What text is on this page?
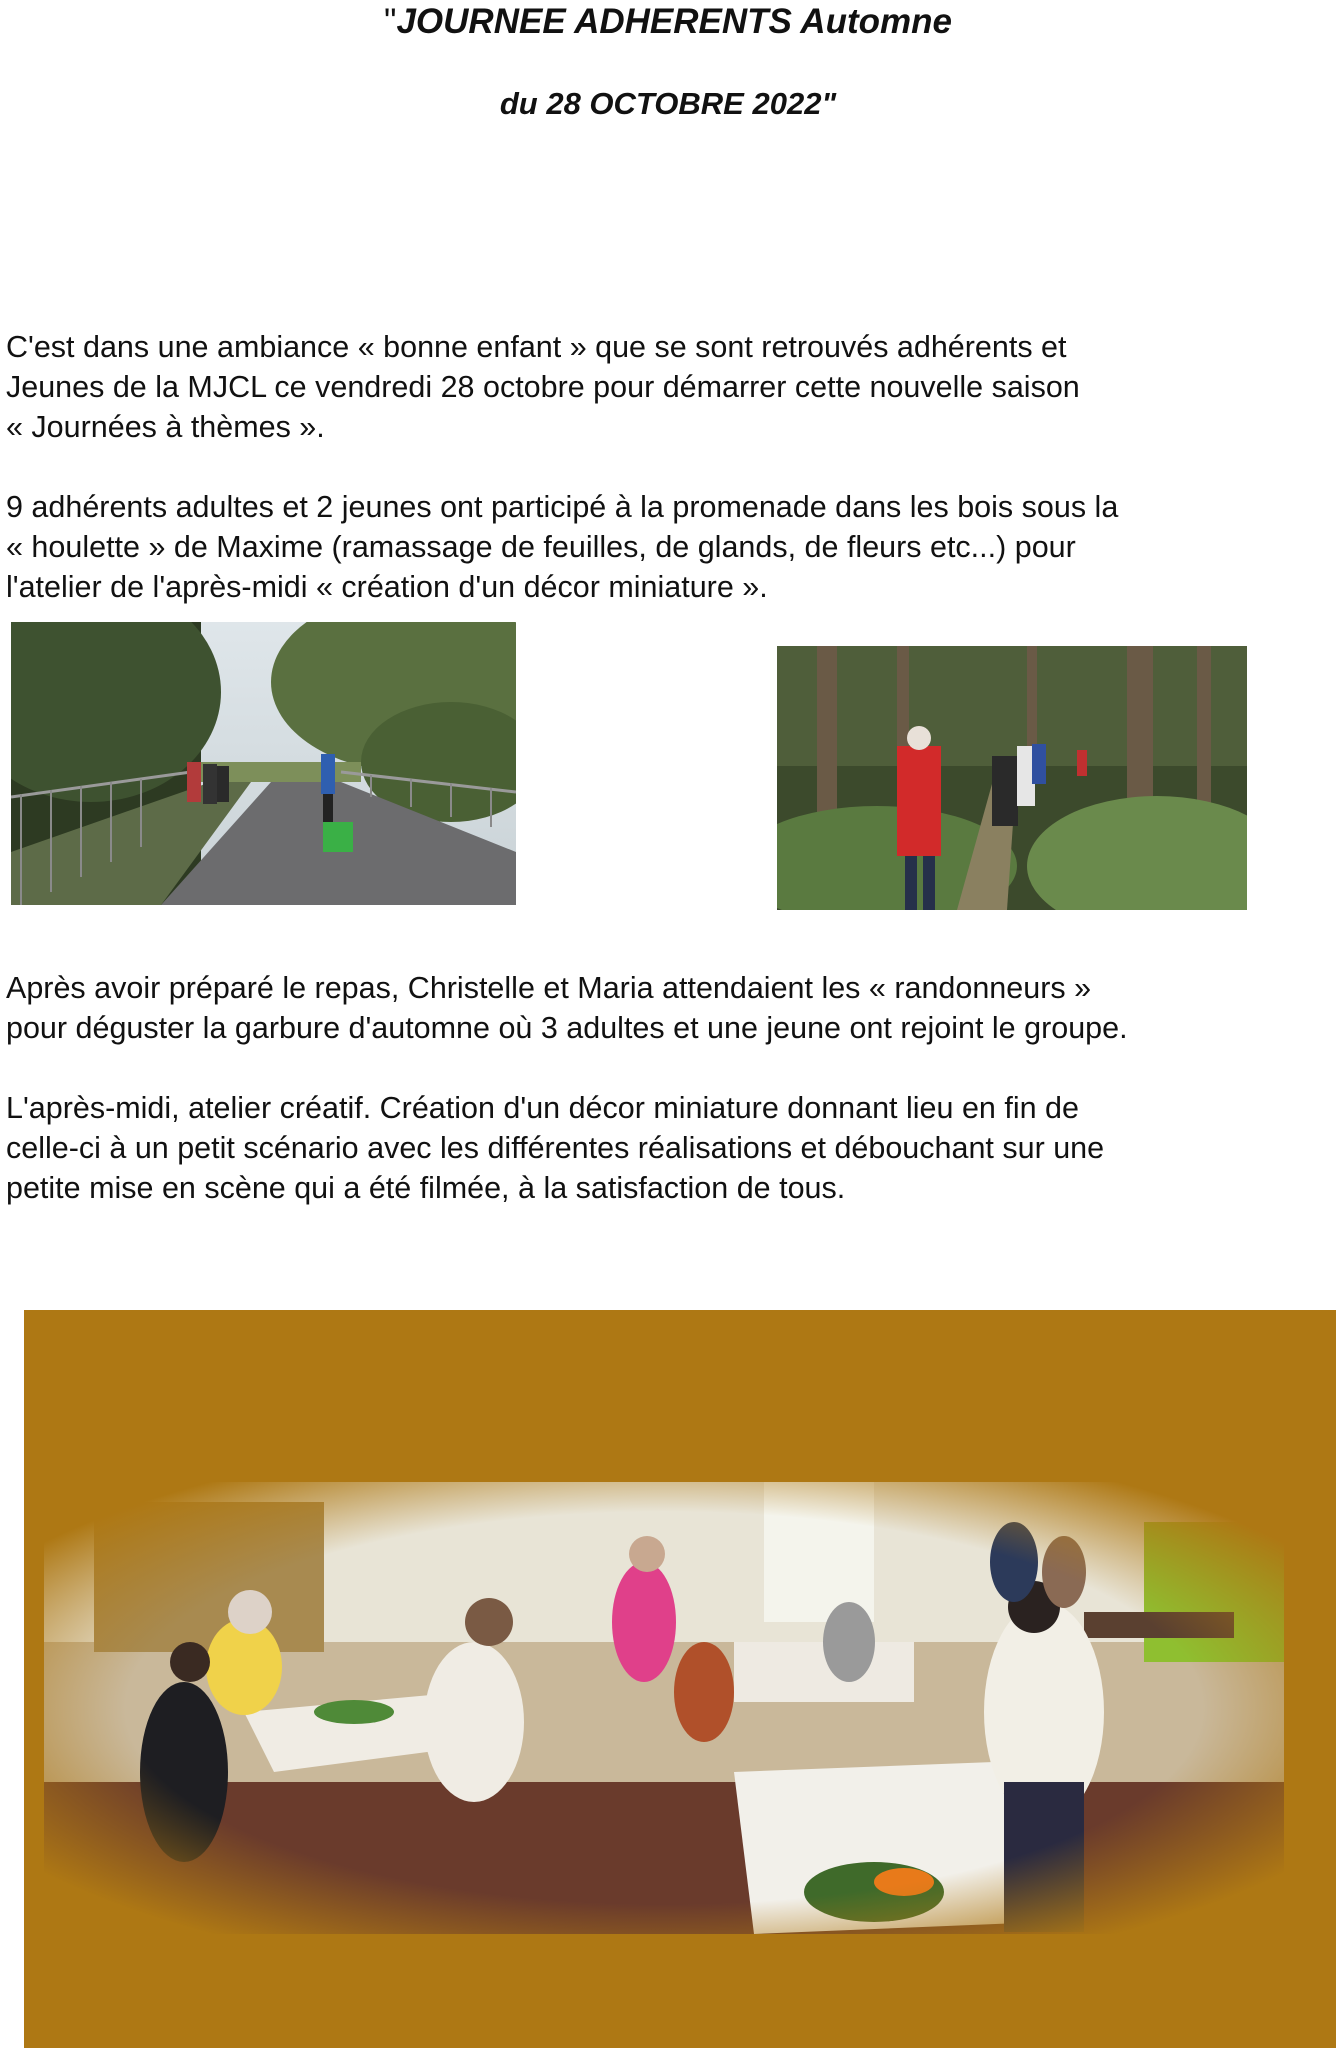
"JOURNEE ADHERENTS Automne
du 28 OCTOBRE 2022"
C'est dans une ambiance « bonne enfant » que se sont retrouvés adhérents et
Jeunes de la MJCL ce vendredi 28 octobre pour démarrer cette nouvelle saison
« Journées à thèmes ».
9 adhérents adultes et 2 jeunes ont participé à la promenade dans les bois sous la
« houlette » de Maxime (ramassage de feuilles, de glands, de fleurs etc...) pour
l'atelier de l'après-midi « création d'un décor miniature ».
Après avoir préparé le repas, Christelle et Maria attendaient les « randonneurs »
pour déguster la garbure d'automne où 3 adultes et une jeune ont rejoint le groupe.
L'après-midi, atelier créatif. Création d'un décor miniature donnant lieu en fin de
celle-ci à un petit scénario avec les différentes réalisations et débouchant sur une
petite mise en scène qui a été filmée, à la satisfaction de tous.
